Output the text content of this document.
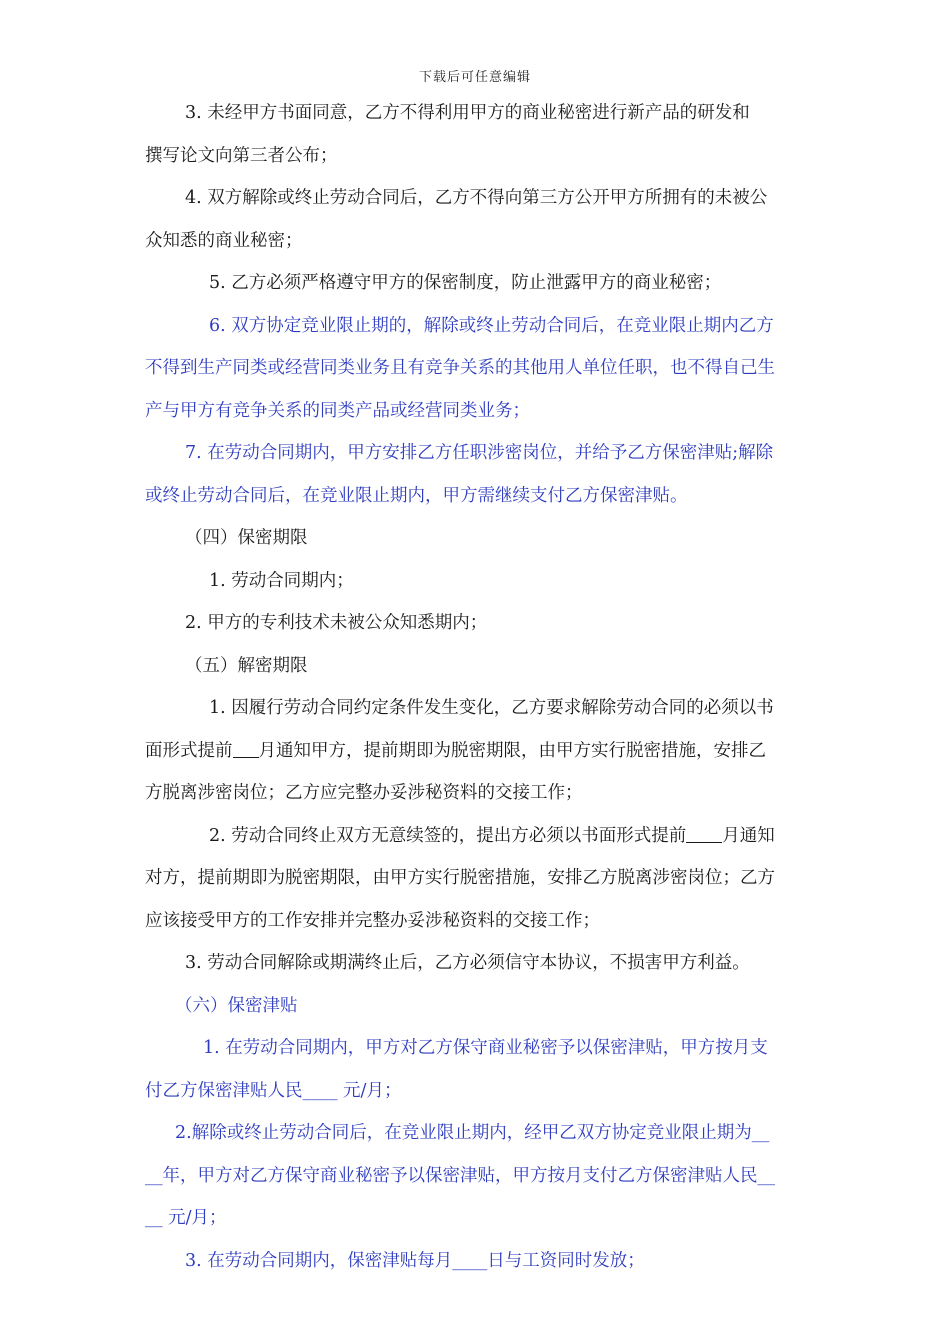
下载后可任意编辑
3. 未经甲方书面同意，乙方不得利用甲方的商业秘密进行新产品的研发和
撰写论文向第三者公布；
4. 双方解除或终止劳动合同后，乙方不得向第三方公开甲方所拥有的未被公
众知悉的商业秘密；
5. 乙方必须严格遵守甲方的保密制度，防止泄露甲方的商业秘密；
6. 双方协定竞业限止期的，解除或终止劳动合同后，在竞业限止期内乙方
不得到生产同类或经营同类业务且有竞争关系的其他用人单位任职，也不得自己生
产与甲方有竞争关系的同类产品或经营同类业务；
7. 在劳动合同期内，甲方安排乙方任职涉密岗位，并给予乙方保密津贴;解除
或终止劳动合同后，在竞业限止期内，甲方需继续支付乙方保密津贴。
（四）保密期限
1. 劳动合同期内；
2. 甲方的专利技术未被公众知悉期内；
（五）解密期限
1. 因履行劳动合同约定条件发生变化，乙方要求解除劳动合同的必须以书
面形式提前 月通知甲方，提前期即为脱密期限，由甲方实行脱密措施，安排乙
方脱离涉密岗位；乙方应完整办妥涉秘资料的交接工作；
2. 劳动合同终止双方无意续签的，提出方必须以书面形式提前 月通知
对方，提前期即为脱密期限，由甲方实行脱密措施，安排乙方脱离涉密岗位；乙方
应该接受甲方的工作安排并完整办妥涉秘资料的交接工作；
3. 劳动合同解除或期满终止后，乙方必须信守本协议，不损害甲方利益。
（六）保密津贴
1. 在劳动合同期内，甲方对乙方保守商业秘密予以保密津贴，甲方按月支
付乙方保密津贴人民____ 元/月；
2.解除或终止劳动合同后，在竞业限止期内，经甲乙双方协定竞业限止期为__
__年，甲方对乙方保守商业秘密予以保密津贴，甲方按月支付乙方保密津贴人民__
__ 元/月；
3. 在劳动合同期内，保密津贴每月____日与工资同时发放；
